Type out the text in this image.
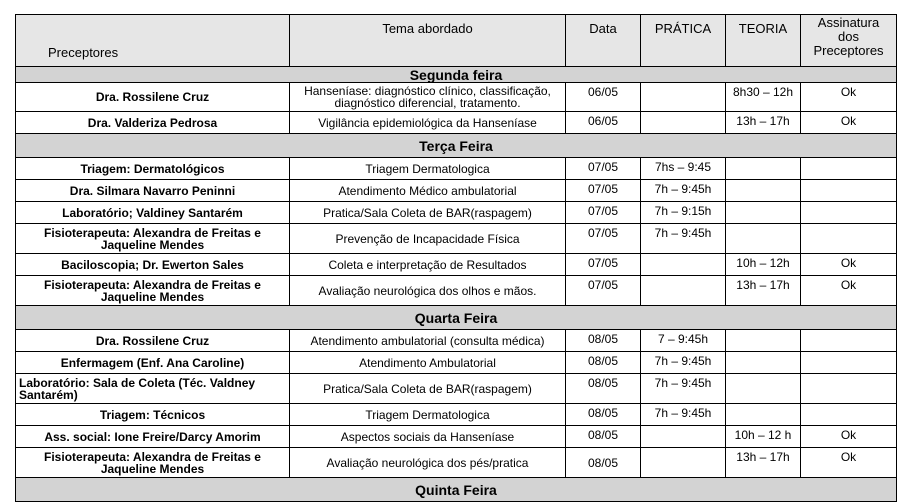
Preceptores	Tema abordado	Data	PRÁTICA	TEORIA	Assinatura
dos
Preceptores
Segunda feira					
Dra. Rossilene Cruz	Hanseníase: diagnóstico clínico, classificação,
diagnóstico diferencial, tratamento.	06/05		8h30 – 12h	Ok
Dra. Valderiza Pedrosa	Vigilância epidemiológica da Hanseníase	06/05		13h – 17h	Ok
Terça Feira					
Triagem: Dermatológicos	Triagem Dermatologica	07/05	7hs – 9:45		
Dra. Silmara Navarro Peninni	Atendimento Médico ambulatorial	07/05	7h – 9:45h		
Laboratório; Valdiney Santarém	Pratica/Sala Coleta de BAR(raspagem)	07/05	7h – 9:15h		
Fisioterapeuta: Alexandra de Freitas e
Jaqueline Mendes	Prevenção de Incapacidade Física	07/05	7h – 9:45h		
Baciloscopia; Dr. Ewerton Sales	Coleta e interpretação de Resultados	07/05		10h – 12h	Ok
Fisioterapeuta: Alexandra de Freitas e
Jaqueline Mendes	Avaliação neurológica dos olhos e mãos.	07/05		13h – 17h	Ok
Quarta Feira					
Dra. Rossilene Cruz	Atendimento ambulatorial (consulta médica)	08/05	7 – 9:45h		
Enfermagem (Enf. Ana Caroline)	Atendimento Ambulatorial	08/05	7h – 9:45h		
Laboratório: Sala de Coleta (Téc. Valdney
Santarém)	Pratica/Sala Coleta de BAR(raspagem)	08/05	7h – 9:45h		
Triagem: Técnicos	Triagem Dermatologica	08/05	7h – 9:45h		
Ass. social: Ione Freire/Darcy Amorim	Aspectos sociais da Hanseníase	08/05		10h – 12 h	Ok
Fisioterapeuta: Alexandra de Freitas e
Jaqueline Mendes	Avaliação neurológica dos pés/pratica	08/05		13h – 17h	Ok
Quinta Feira					
